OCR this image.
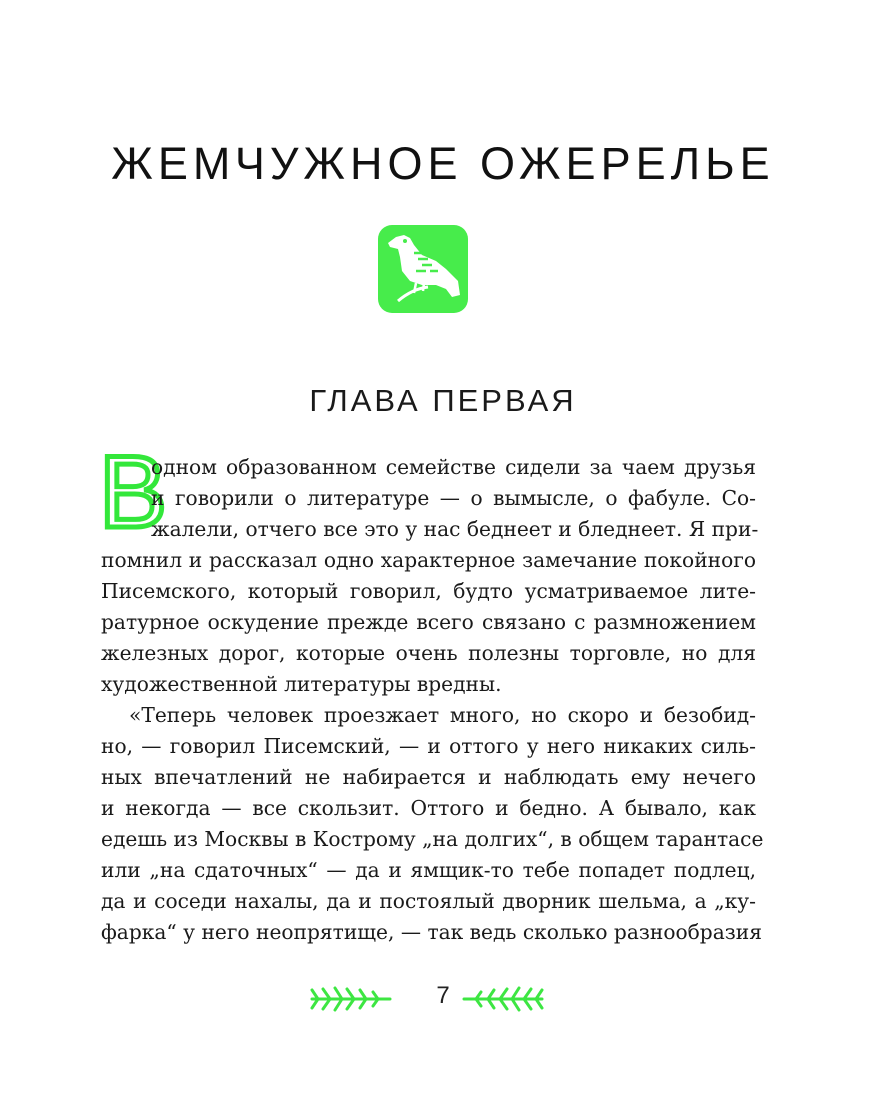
ЖЕМЧУЖНОЕ ОЖЕРЕЛЬЕ
ГЛАВА ПЕРВАЯ
В
одном образованном семействе сидели за чаем друзья
и говорили о литературе — о вымысле, о фабуле. Со-
жалели, отчего все это у нас беднеет и бледнеет. Я при-
помнил и рассказал одно характерное замечание покойного
Писемского, который говорил, будто усматриваемое лите-
ратурное оскудение прежде всего связано с размножением
железных дорог, которые очень полезны торговле, но для
художественной литературы вредны.
«Теперь человек проезжает много, но скоро и безобид-
но, — говорил Писемский, — и оттого у него никаких силь-
ных впечатлений не набирается и наблюдать ему нечего
и некогда — все скользит. Оттого и бедно. А бывало, как
едешь из Москвы в Кострому „на долгих“, в общем тарантасе
или „на сдаточных“ — да и ямщик-то тебе попадет подлец,
да и соседи нахалы, да и постоялый дворник шельма, а „ку-
фарка“ у него неопрятище, — так ведь сколько разнообразия
7
